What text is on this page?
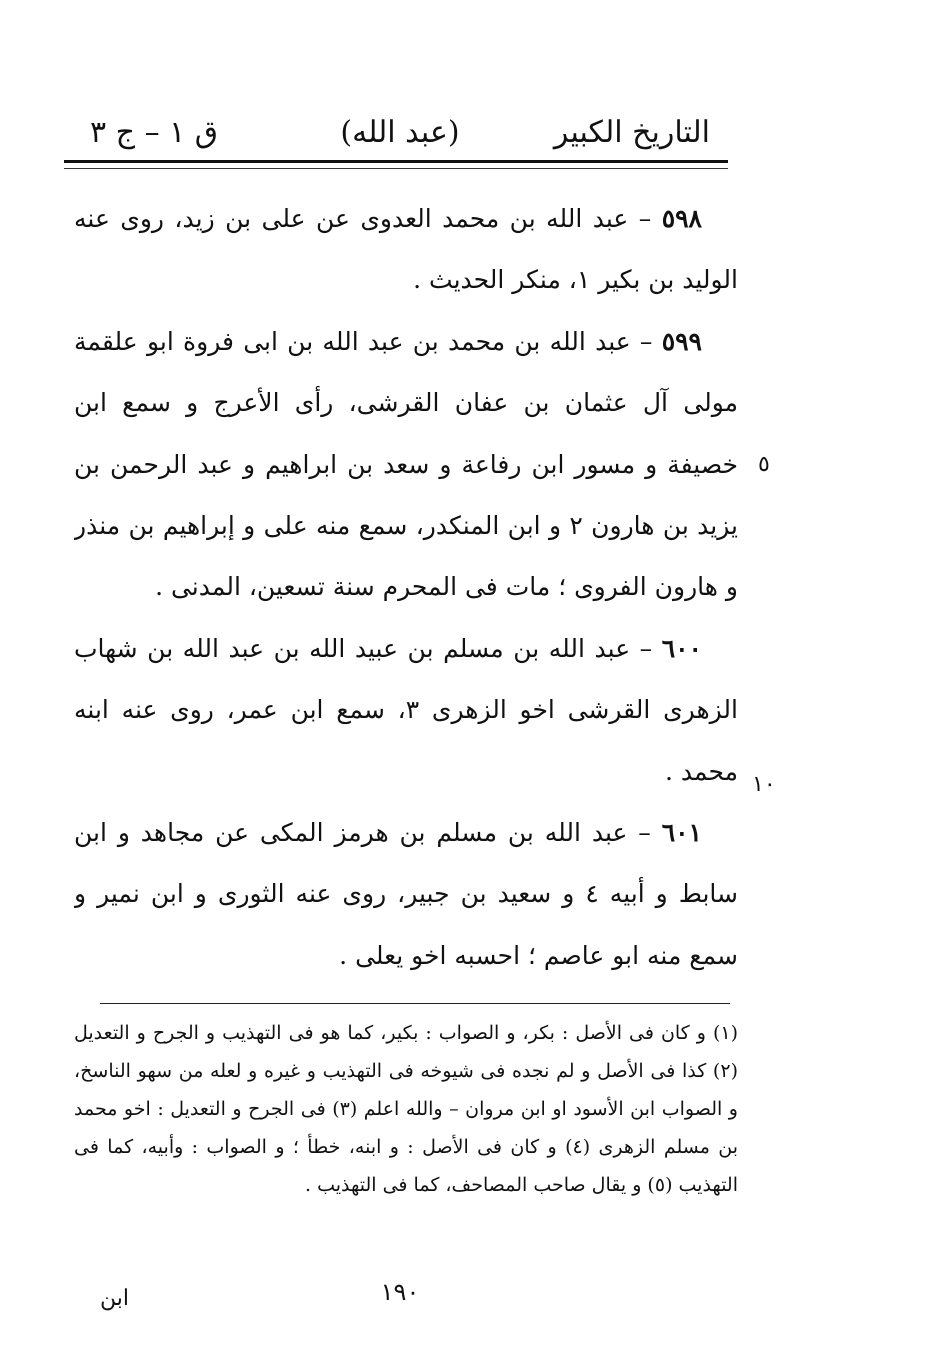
التاريخ الكبير
(عبد الله)
ق ١ – ج ٣
٥
١٠

٥٩٨ – عبد الله بن محمد العدوى عن على بن زيد، روى عنه الوليد بن بكير ١، منكر الحديث .

٥٩٩ – عبد الله بن محمد بن عبد الله بن ابى فروة ابو علقمة مولى آل عثمان بن عفان القرشى، رأى الأعرج و سمع ابن خصيفة و مسور ابن رفاعة و سعد بن ابراهيم و عبد الرحمن بن يزيد بن هارون ٢ و ابن المنكدر، سمع منه على و إبراهيم بن منذر و هارون الفروى ؛ مات فى المحرم سنة تسعين، المدنى .

٦٠٠ – عبد الله بن مسلم بن عبيد الله بن عبد الله بن شهاب الزهرى القرشى اخو الزهرى ٣، سمع ابن عمر، روى عنه ابنه محمد .

٦٠١ – عبد الله بن مسلم بن هرمز المكى عن مجاهد و ابن سابط و أبيه ٤ و سعيد بن جبير، روى عنه الثورى و ابن نمير و سمع منه ابو عاصم ؛ احسبه اخو يعلى .

(١) و كان فى الأصل : بكر، و الصواب : بكير، كما هو فى التهذيب و الجرح و التعديل (٢) كذا فى الأصل و لم نجده فى شيوخه فى التهذيب و غيره و لعله من سهو الناسخ، و الصواب ابن الأسود او ابن مروان – والله اعلم (٣) فى الجرح و التعديل : اخو محمد بن مسلم الزهرى (٤) و كان فى الأصل : و ابنه، خطأ ؛ و الصواب : وأبيه، كما فى التهذيب (٥) و يقال صاحب المصاحف، كما فى التهذيب .
١٩٠
ابن
